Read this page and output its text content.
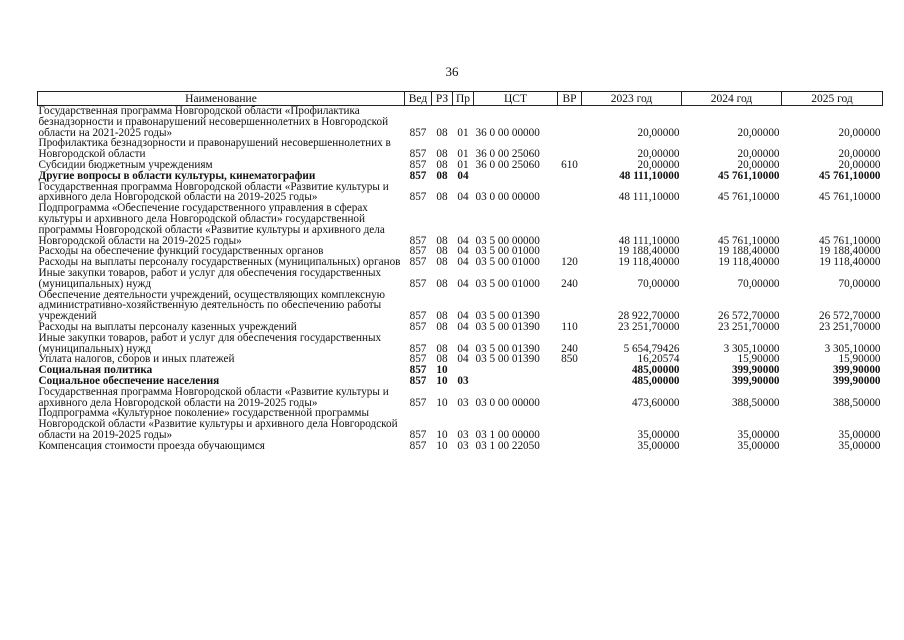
36
Наименование	Вед	РЗ	Пр	ЦСТ	ВР	2023 год	2024 год	2025 год
Государственная программа Новгородской области «Профилактика безнадзорности и правонарушений несовершеннолетних в Новгородской области на 2021-2025 годы»	857	08	01	36 0 00 00000		20,00000	20,00000	20,00000
Профилактика безнадзорности и правонарушений несовершеннолетних в Новгородской области	857	08	01	36 0 00 25060		20,00000	20,00000	20,00000
Субсидии бюджетным учреждениям	857	08	01	36 0 00 25060	610	20,00000	20,00000	20,00000
Другие вопросы в области культуры, кинематографии	857	08	04			48 111,10000	45 761,10000	45 761,10000
Государственная программа Новгородской области «Развитие культуры и архивного дела Новгородской области на 2019-2025 годы»	857	08	04	03 0 00 00000		48 111,10000	45 761,10000	45 761,10000
Подпрограмма «Обеспечение государственного управления в сферах культуры и архивного дела Новгородской области» государственной программы Новгородской области «Развитие культуры и архивного дела Новгородской области на 2019-2025 годы»	857	08	04	03 5 00 00000		48 111,10000	45 761,10000	45 761,10000
Расходы на обеспечение функций государственных органов	857	08	04	03 5 00 01000		19 188,40000	19 188,40000	19 188,40000
Расходы на выплаты персоналу государственных (муниципальных) органов	857	08	04	03 5 00 01000	120	19 118,40000	19 118,40000	19 118,40000
Иные закупки товаров, работ и услуг для обеспечения государственных (муниципальных) нужд	857	08	04	03 5 00 01000	240	70,00000	70,00000	70,00000
Обеспечение деятельности учреждений, осуществляющих комплексную административно-хозяйственную деятельность по обеспечению работы учреждений	857	08	04	03 5 00 01390		28 922,70000	26 572,70000	26 572,70000
Расходы на выплаты персоналу казенных учреждений	857	08	04	03 5 00 01390	110	23 251,70000	23 251,70000	23 251,70000
Иные закупки товаров, работ и услуг для обеспечения государственных (муниципальных) нужд	857	08	04	03 5 00 01390	240	5 654,79426	3 305,10000	3 305,10000
Уплата налогов, сборов и иных платежей	857	08	04	03 5 00 01390	850	16,20574	15,90000	15,90000
Социальная политика	857	10				485,00000	399,90000	399,90000
Социальное обеспечение населения	857	10	03			485,00000	399,90000	399,90000
Государственная программа Новгородской области «Развитие культуры и архивного дела Новгородской области на 2019-2025 годы»	857	10	03	03 0 00 00000		473,60000	388,50000	388,50000
Подпрограмма «Культурное поколение» государственной программы Новгородской области «Развитие культуры и архивного дела Новгородской области на 2019-2025 годы»	857	10	03	03 1 00 00000		35,00000	35,00000	35,00000
Компенсация стоимости проезда обучающимся	857	10	03	03 1 00 22050		35,00000	35,00000	35,00000
